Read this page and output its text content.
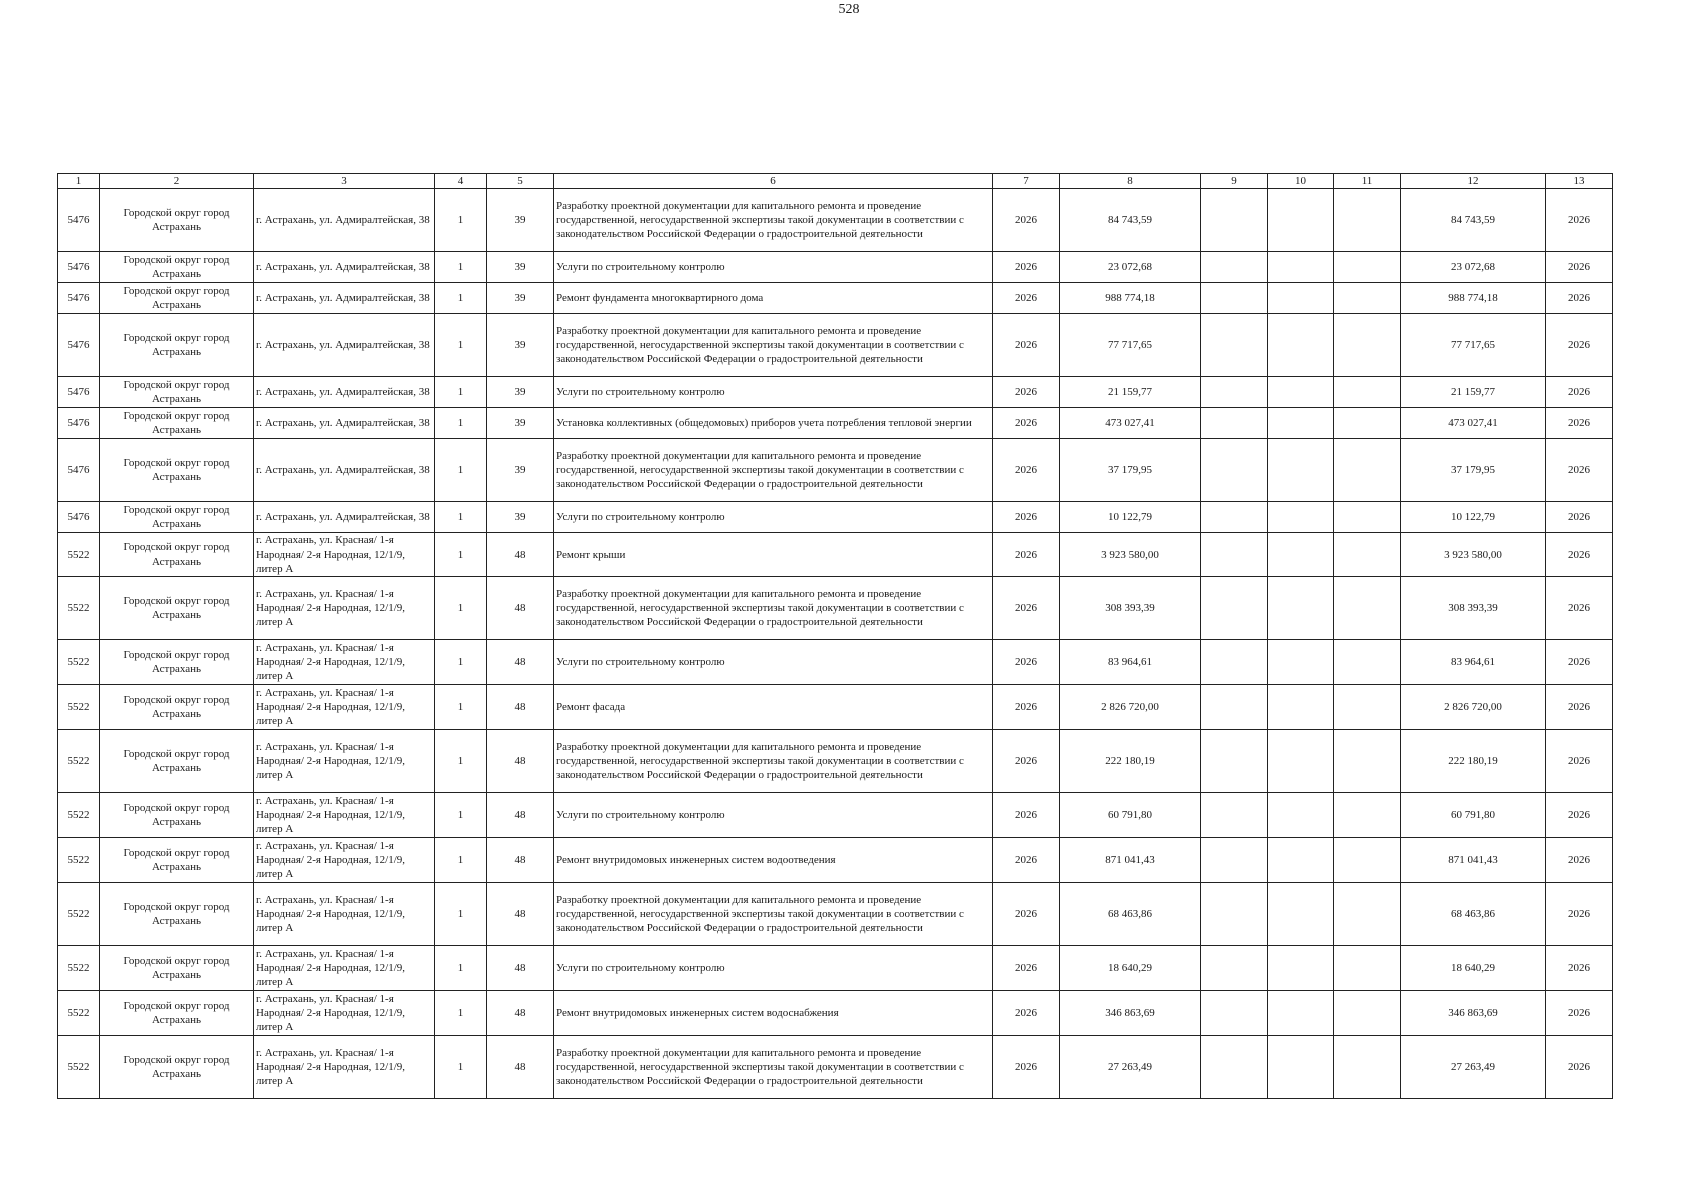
528
1	2	3	4	5	6	7	8	9	10	11	12	13
5476	Городской округ город Астрахань	г. Астрахань, ул. Адмиралтейская, 38	1	39	Разработку проектной документации для капитального ремонта и проведение государственной, негосударственной экспертизы такой документации в соответствии с законодательством Российской Федерации о градостроительной деятельности	2026	84 743,59				84 743,59	2026
5476	Городской округ город Астрахань	г. Астрахань, ул. Адмиралтейская, 38	1	39	Услуги по строительному контролю	2026	23 072,68				23 072,68	2026
5476	Городской округ город Астрахань	г. Астрахань, ул. Адмиралтейская, 38	1	39	Ремонт фундамента многоквартирного дома	2026	988 774,18				988 774,18	2026
5476	Городской округ город Астрахань	г. Астрахань, ул. Адмиралтейская, 38	1	39	Разработку проектной документации для капитального ремонта и проведение государственной, негосударственной экспертизы такой документации в соответствии с законодательством Российской Федерации о градостроительной деятельности	2026	77 717,65				77 717,65	2026
5476	Городской округ город Астрахань	г. Астрахань, ул. Адмиралтейская, 38	1	39	Услуги по строительному контролю	2026	21 159,77				21 159,77	2026
5476	Городской округ город Астрахань	г. Астрахань, ул. Адмиралтейская, 38	1	39	Установка коллективных (общедомовых) приборов учета потребления тепловой энергии	2026	473 027,41				473 027,41	2026
5476	Городской округ город Астрахань	г. Астрахань, ул. Адмиралтейская, 38	1	39	Разработку проектной документации для капитального ремонта и проведение государственной, негосударственной экспертизы такой документации в соответствии с законодательством Российской Федерации о градостроительной деятельности	2026	37 179,95				37 179,95	2026
5476	Городской округ город Астрахань	г. Астрахань, ул. Адмиралтейская, 38	1	39	Услуги по строительному контролю	2026	10 122,79				10 122,79	2026
5522	Городской округ город Астрахань	г. Астрахань, ул. Красная/ 1-я Народная/ 2-я Народная, 12/1/9, литер А	1	48	Ремонт крыши	2026	3 923 580,00				3 923 580,00	2026
5522	Городской округ город Астрахань	г. Астрахань, ул. Красная/ 1-я Народная/ 2-я Народная, 12/1/9, литер А	1	48	Разработку проектной документации для капитального ремонта и проведение государственной, негосударственной экспертизы такой документации в соответствии с законодательством Российской Федерации о градостроительной деятельности	2026	308 393,39				308 393,39	2026
5522	Городской округ город Астрахань	г. Астрахань, ул. Красная/ 1-я Народная/ 2-я Народная, 12/1/9, литер А	1	48	Услуги по строительному контролю	2026	83 964,61				83 964,61	2026
5522	Городской округ город Астрахань	г. Астрахань, ул. Красная/ 1-я Народная/ 2-я Народная, 12/1/9, литер А	1	48	Ремонт фасада	2026	2 826 720,00				2 826 720,00	2026
5522	Городской округ город Астрахань	г. Астрахань, ул. Красная/ 1-я Народная/ 2-я Народная, 12/1/9, литер А	1	48	Разработку проектной документации для капитального ремонта и проведение государственной, негосударственной экспертизы такой документации в соответствии с законодательством Российской Федерации о градостроительной деятельности	2026	222 180,19				222 180,19	2026
5522	Городской округ город Астрахань	г. Астрахань, ул. Красная/ 1-я Народная/ 2-я Народная, 12/1/9, литер А	1	48	Услуги по строительному контролю	2026	60 791,80				60 791,80	2026
5522	Городской округ город Астрахань	г. Астрахань, ул. Красная/ 1-я Народная/ 2-я Народная, 12/1/9, литер А	1	48	Ремонт внутридомовых инженерных систем водоотведения	2026	871 041,43				871 041,43	2026
5522	Городской округ город Астрахань	г. Астрахань, ул. Красная/ 1-я Народная/ 2-я Народная, 12/1/9, литер А	1	48	Разработку проектной документации для капитального ремонта и проведение государственной, негосударственной экспертизы такой документации в соответствии с законодательством Российской Федерации о градостроительной деятельности	2026	68 463,86				68 463,86	2026
5522	Городской округ город Астрахань	г. Астрахань, ул. Красная/ 1-я Народная/ 2-я Народная, 12/1/9, литер А	1	48	Услуги по строительному контролю	2026	18 640,29				18 640,29	2026
5522	Городской округ город Астрахань	г. Астрахань, ул. Красная/ 1-я Народная/ 2-я Народная, 12/1/9, литер А	1	48	Ремонт внутридомовых инженерных систем водоснабжения	2026	346 863,69				346 863,69	2026
5522	Городской округ город Астрахань	г. Астрахань, ул. Красная/ 1-я Народная/ 2-я Народная, 12/1/9, литер А	1	48	Разработку проектной документации для капитального ремонта и проведение государственной, негосударственной экспертизы такой документации в соответствии с законодательством Российской Федерации о градостроительной деятельности	2026	27 263,49				27 263,49	2026
